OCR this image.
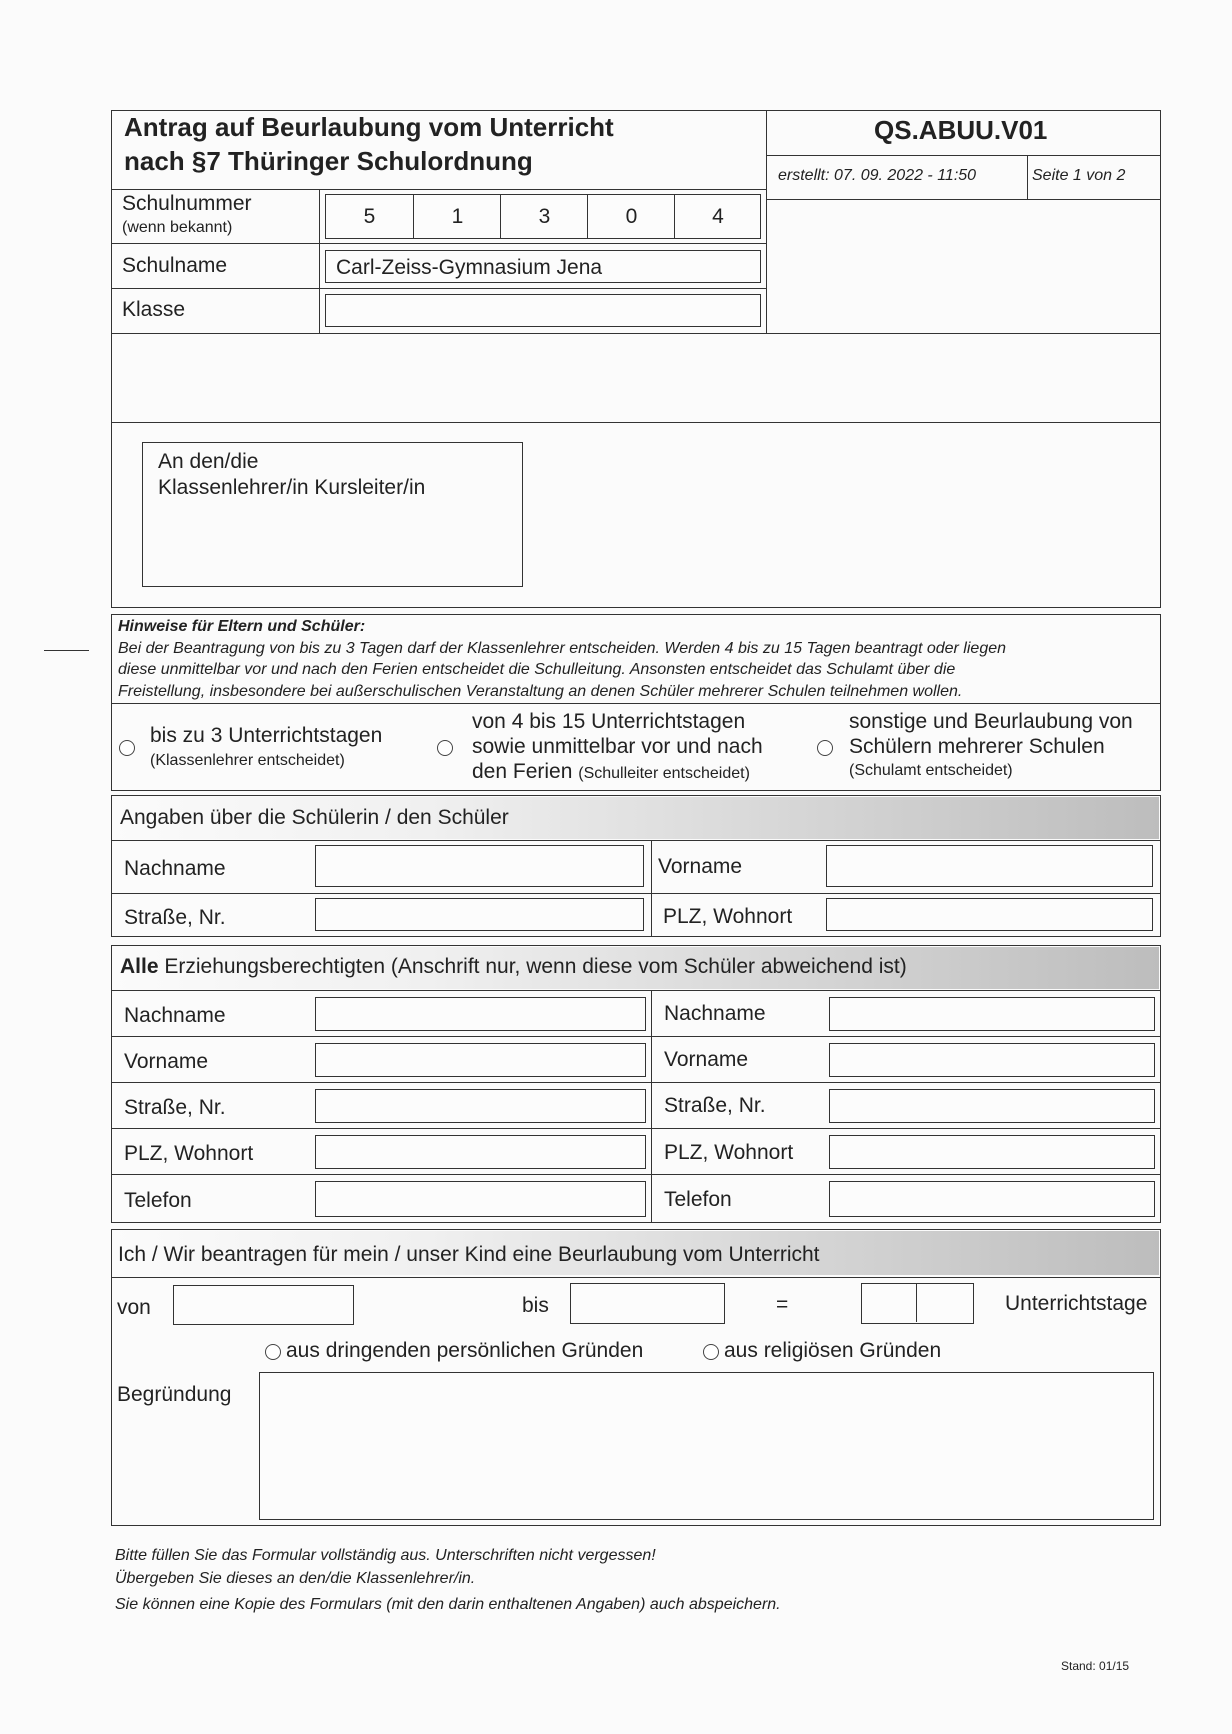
Antrag auf Beurlaubung vom Unterricht
nach §7 Thüringer Schulordnung
QS.ABUU.V01
erstellt: 07. 09. 2022 - 11:50	Seite 1 von 2
Schulnummer
(wenn bekannt)	5	1	3	0	4
Schulname	Carl-Zeiss-Gymnasium Jena
Klasse
An den/die
Klassenlehrer/in Kursleiter/in
Hinweise für Eltern und Schüler:
Bei der Beantragung von bis zu 3 Tagen darf der Klassenlehrer entscheiden. Werden 4 bis zu 15 Tagen beantragt oder liegen
diese unmittelbar vor und nach den Ferien entscheidet die Schulleitung. Ansonsten entscheidet das Schulamt über die
Freistellung, insbesondere bei außerschulischen Veranstaltung an denen Schüler mehrerer Schulen teilnehmen wollen.
bis zu 3 Unterrichtstagen
(Klassenlehrer entscheidet)
von 4 bis 15 Unterrichtstagen
sowie unmittelbar vor und nach
den Ferien (Schulleiter entscheidet)
sonstige und Beurlaubung von
Schülern mehrerer Schulen
(Schulamt entscheidet)
Angaben über die Schülerin / den Schüler
Nachname	Vorname
Straße, Nr.	PLZ, Wohnort
Alle Erziehungsberechtigten (Anschrift nur, wenn diese vom Schüler abweichend ist)
Nachname	Nachname
Vorname	Vorname
Straße, Nr.	Straße, Nr.
PLZ, Wohnort	PLZ, Wohnort
Telefon	Telefon
Ich / Wir beantragen für mein / unser Kind eine Beurlaubung vom Unterricht
von	bis	=	Unterrichtstage
aus dringenden persönlichen Gründen	aus religiösen Gründen
Begründung
Bitte füllen Sie das Formular vollständig aus. Unterschriften nicht vergessen!
Übergeben Sie dieses an den/die Klassenlehrer/in.
Sie können eine Kopie des Formulars (mit den darin enthaltenen Angaben) auch abspeichern.
Stand: 01/15
